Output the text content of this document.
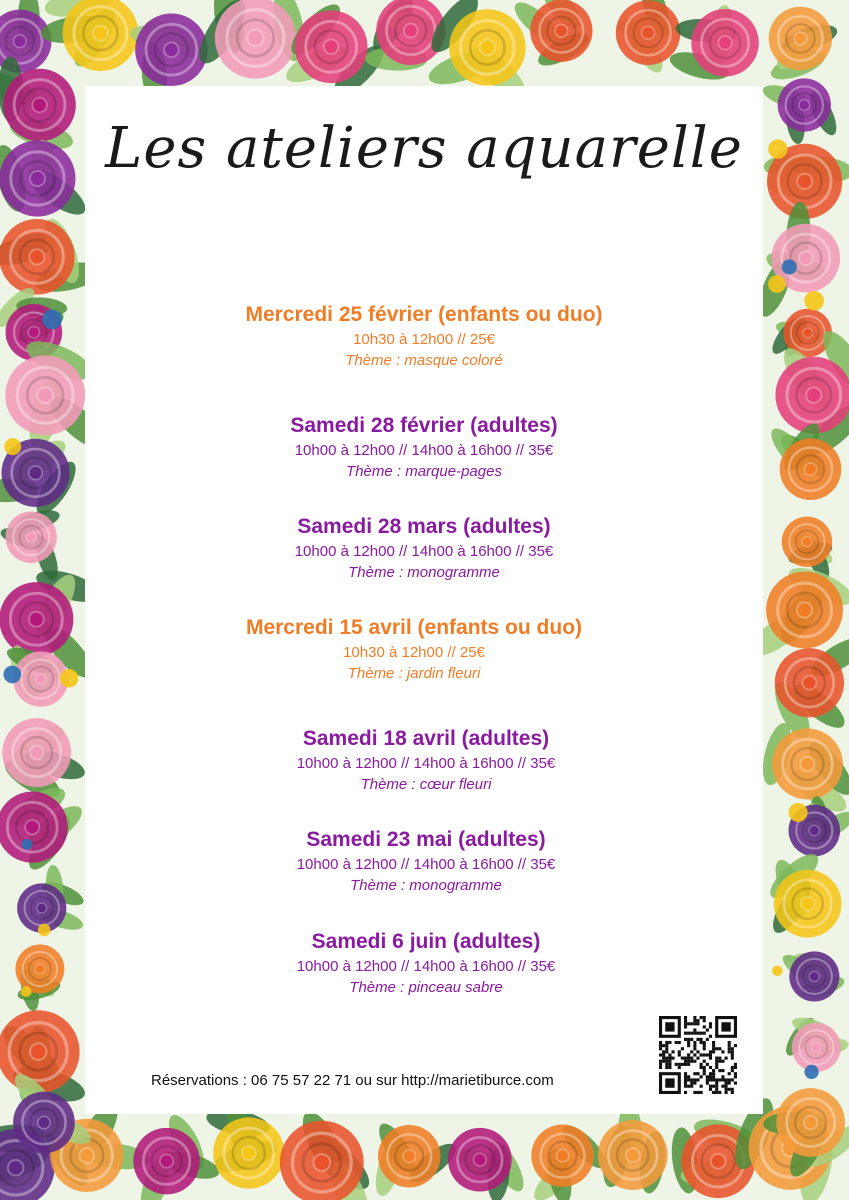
Les ateliers aquarelle
Mercredi 25 février (enfants ou duo)
10h30 à 12h00 // 25€
Thème : masque coloré
Samedi 28 février (adultes)
10h00 à 12h00 // 14h00 à 16h00 // 35€
Thème : marque-pages
Samedi 28 mars (adultes)
10h00 à 12h00 // 14h00 à 16h00 // 35€
Thème : monogramme
Mercredi 15 avril (enfants ou duo)
10h30 à 12h00 // 25€
Thème : jardin fleuri
Samedi 18 avril (adultes)
10h00 à 12h00 // 14h00 à 16h00 // 35€
Thème : cœur fleuri
Samedi 23 mai (adultes)
10h00 à 12h00 // 14h00 à 16h00 // 35€
Thème : monogramme
Samedi 6 juin (adultes)
10h00 à 12h00 // 14h00 à 16h00 // 35€
Thème : pinceau sabre
Réservations : 06 75 57 22 71 ou sur http://marietiburce.com
